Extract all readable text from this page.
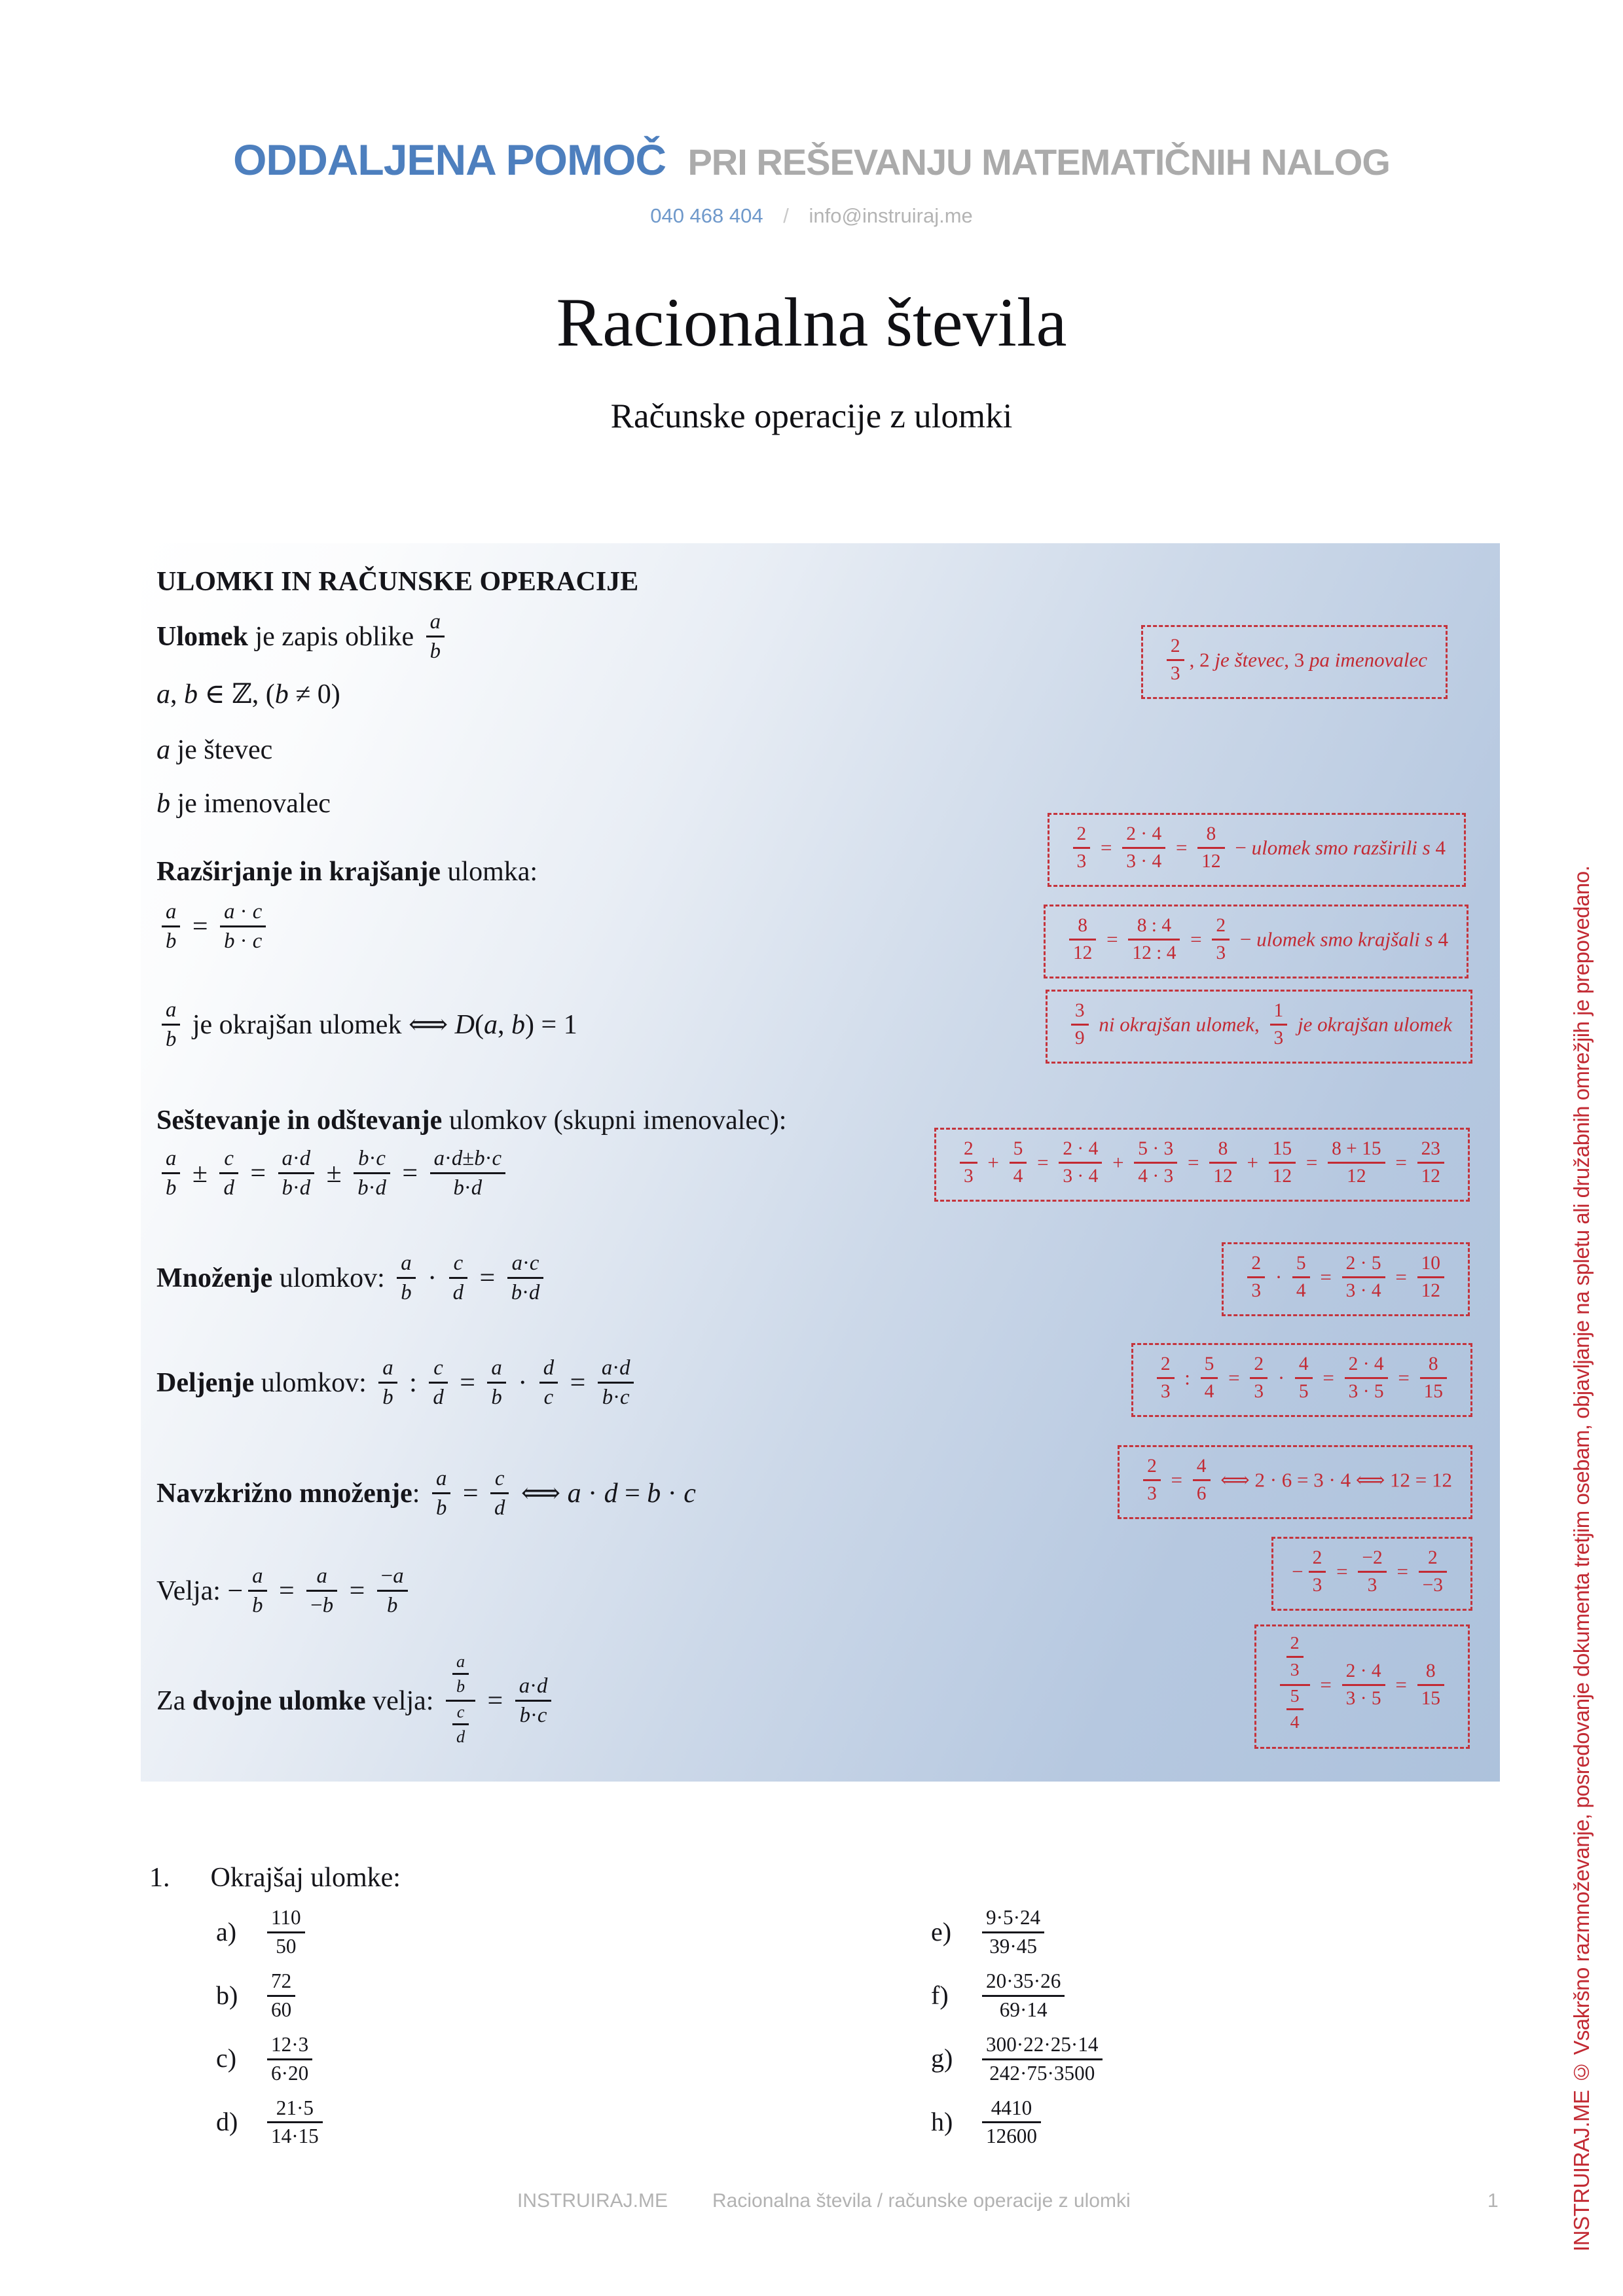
ODDALJENA POMOČ PRI REŠEVANJU MATEMATIČNIH NALOG
040 468 404 / info@instruiraj.me
Racionalna števila
Računske operacije z ulomki
ULOMKI IN RAČUNSKE OPERACIJE
Ulomek je zapis oblike $\frac{a}{b}$
a, b ∈ ℤ, (b ≠ 0)
a je števec
b je imenovalec
Razširjanje in krajšanje ulomka:
$\frac{a}{b} = \frac{a \cdot c}{b \cdot c}$
$\frac{a}{b}$ je okrajšan ulomek ⟺ D(a, b) = 1
Seštevanje in odštevanje ulomkov (skupni imenovalec):
$\frac{a}{b} \pm \frac{c}{d} = \frac{a\cdot d}{b\cdot d} \pm \frac{b\cdot c}{b\cdot d} = \frac{a\cdot d\pm b\cdot c}{b\cdot d}$
Množenje ulomkov: $\frac{a}{b} \cdot \frac{c}{d} = \frac{a\cdot c}{b\cdot d}$
Deljenje ulomkov: $\frac{a}{b}$ : $\frac{c}{d} = \frac{a}{b} \cdot \frac{d}{c} = \frac{a\cdot d}{b\cdot c}$
Navzkrižno množenje: $\frac{a}{b} = \frac{c}{d}$ ⟺ a · d = b · c
Velja: − $\frac{a}{b} = \frac{a}{-b} = \frac{-a}{b}$
Za dvojne ulomke velja: $\frac{\frac{a}{b}}{\frac{c}{d}} = \frac{a\cdot d}{b\cdot c}$
$\frac{2}{3}$ , 2 je števec, 3 pa imenovalec
$\frac{2}{3} = \frac{2 \cdot 4}{3 \cdot 4} = \frac{8}{12}$ − ulomek smo razširili s 4
$\frac{8}{12} = \frac{8 : 4}{12 : 4} = \frac{2}{3}$ − ulomek smo krajšali s 4
$\frac{3}{9}$ ni okrajšan ulomek, $\frac{1}{3}$ je okrajšan ulomek
$\frac{2}{3} + \frac{5}{4} = \frac{2 \cdot 4}{3 \cdot 4} + \frac{5 \cdot 3}{4 \cdot 3} = \frac{8}{12} + \frac{15}{12} = \frac{8 + 15}{12} = \frac{23}{12}$
$\frac{2}{3} \cdot \frac{5}{4} = \frac{2 \cdot 5}{3 \cdot 4} = \frac{10}{12}$
$\frac{2}{3}$ : $\frac{5}{4} = \frac{2}{3} \cdot \frac{4}{5} = \frac{2 \cdot 4}{3 \cdot 5} = \frac{8}{15}$
$\frac{2}{3} = \frac{4}{6}$ ⟺ 2 · 6 = 3 · 4 ⟺ 12 = 12
− $\frac{2}{3} = \frac{-2}{3} = \frac{2}{-3}$
$\frac{\frac{2}{3}}{\frac{5}{4}} = \frac{2 \cdot 4}{3 \cdot 5} = \frac{8}{15}$
1. Okrajšaj ulomke:
$a) \frac{110}{50}$
$b) \frac{72}{60}$
$c) \frac{12\cdot 3}{6\cdot 20}$
$d) \frac{21\cdot 5}{14\cdot 15}$
$e) \frac{9\cdot 5\cdot 24}{39\cdot 45}$
$f) \frac{20\cdot 35\cdot 26}{69\cdot 14}$
$g) \frac{300\cdot 22\cdot 25\cdot 14}{242\cdot 75\cdot 3500}$
$h) \frac{4410}{12600}$
INSTRUIRAJ.ME Racionalna števila / računske operacije z ulomki	1	INSTRUIRAJ.ME © Vsakršno razmnoževanje, posredovanje dokumenta tretjim osebam, objavljanje na spletu ali družabnih omrežjih je prepovedano.
